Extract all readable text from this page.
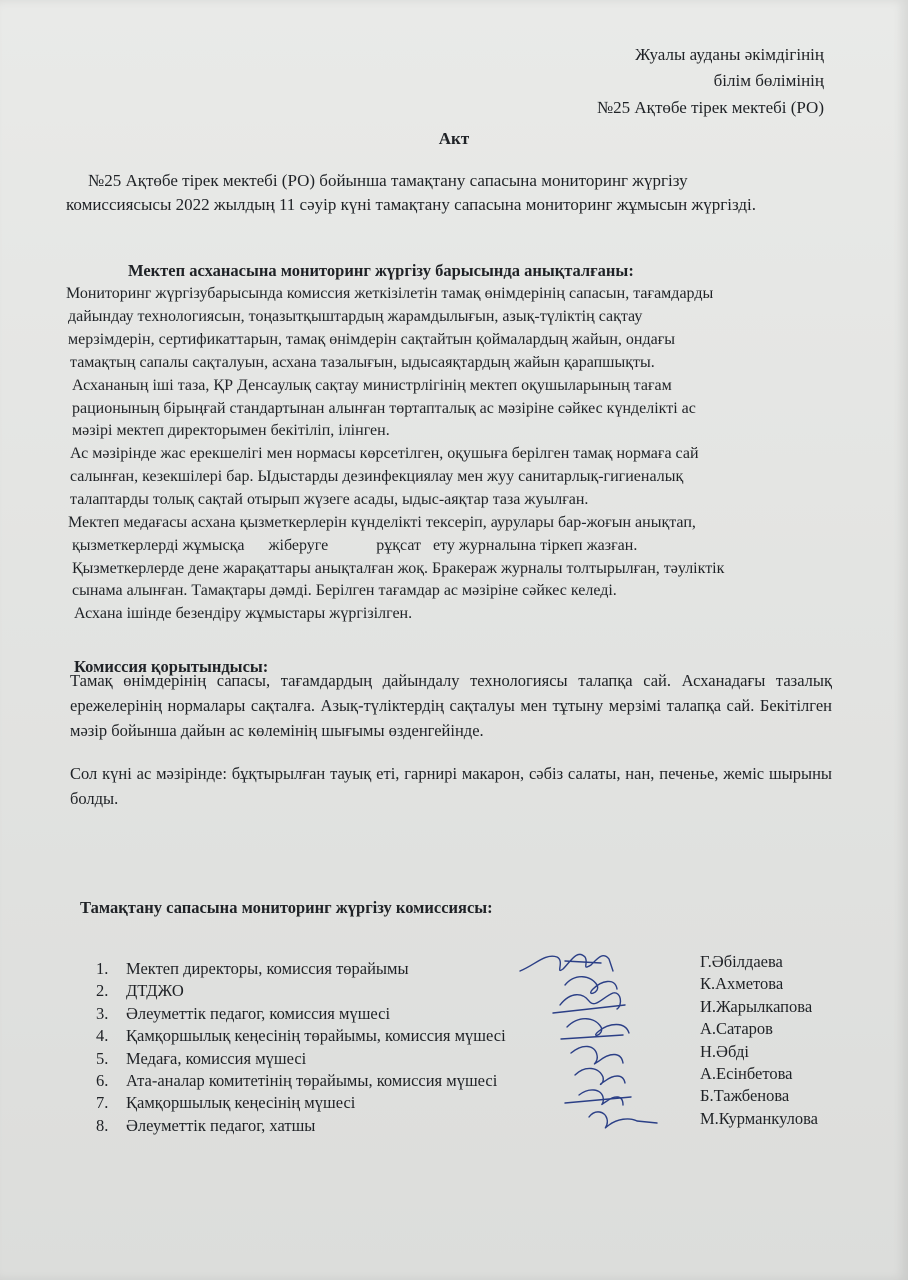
Жуалы ауданы әкімдігінің
білім бөлімінің
№25 Ақтөбе тірек мектебі (РО)
Акт
№25 Ақтөбе тірек мектебі (РО) бойынша тамақтану сапасына мониторинг жүргізу
комиссиясысы 2022 жылдың 11 сәуір күні тамақтану сапасына мониторинг жұмысын жүргізді.
Мектеп асханасына мониторинг жүргізу барысында анықталғаны:
Мониторинг жүргізубарысында комиссия жеткізілетін тамақ өнімдерінің сапасын, тағамдарды
дайындау технологиясын, тоңазытқыштардың жарамдылығын, азық-түліктің сақтау
мерзімдерін, сертификаттарын, тамақ өнімдерін сақтайтын қоймалардың жайын, ондағы
тамақтың сапалы сақталуын, асхана тазалығын, ыдысаяқтардың жайын қарапшықты.
Асхананың іші таза, ҚР Денсаулық сақтау министрлігінің мектеп оқушыларының тағам
рационының бірыңғай стандартынан алынған төртапталық ас мәзіріне сәйкес күнделікті ас
мәзірі мектеп директорымен бекітіліп, ілінген.
Ас мәзірінде жас ерекшелігі мен нормасы көрсетілген, оқушыға берілген тамақ нормаға сай
салынған, кезекшілері бар. Ыдыстарды дезинфекциялау мен жуу санитарлық-гигиеналық
талаптарды толық сақтай отырып жүзеге асады, ыдыс-аяқтар таза жуылған.
Мектеп медағасы асхана қызметкерлерін күнделікті тексеріп, аурулары бар-жоғын анықтап,
қызметкерлерді жұмысқа      жіберуге            рұқсат   ету журналына тіркеп жазған.
Қызметкерлерде дене жарақаттары анықталған жоқ. Бракераж журналы толтырылған, тәуліктік
сынама алынған. Тамақтары дәмді. Берілген тағамдар ас мәзіріне сәйкес келеді.
Асхана ішінде безендіру жұмыстары жүргізілген.
Комиссия қорытындысы:
Тамақ өнімдерінің сапасы, тағамдардың дайындалу технологиясы талапқа сай. Асханадағы тазалық ережелерінің нормалары сақталға. Азық-түліктердің сақталуы мен тұтыну мерзімі талапқа сай. Бекітілген мәзір бойынша дайын ас көлемінің шығымы өзденгейінде.
Сол күні ас мәзірінде: бұқтырылған тауық еті, гарнирі макарон, сәбіз салаты, нан, печенье, жеміс шырыны болды.
Тамақтану сапасына мониторинг жүргізу комиссиясы:
1. Мектеп директоры, комиссия төрайымы
2. ДТДЖО
3. Әлеуметтік педагог, комиссия мүшесі
4. Қамқоршылық кеңесінің төрайымы, комиссия мүшесі
5. Медаға, комиссия мүшесі
6. Ата-аналар комитетінің төрайымы, комиссия мүшесі
7. Қамқоршылық кеңесінің мүшесі
8. Әлеуметтік педагог, хатшы
Г.Әбілдаева
К.Ахметова
И.Жарылкапова
А.Сатаров
Н.Әбді
А.Есінбетова
Б.Тажбенова
М.Курманкулова
